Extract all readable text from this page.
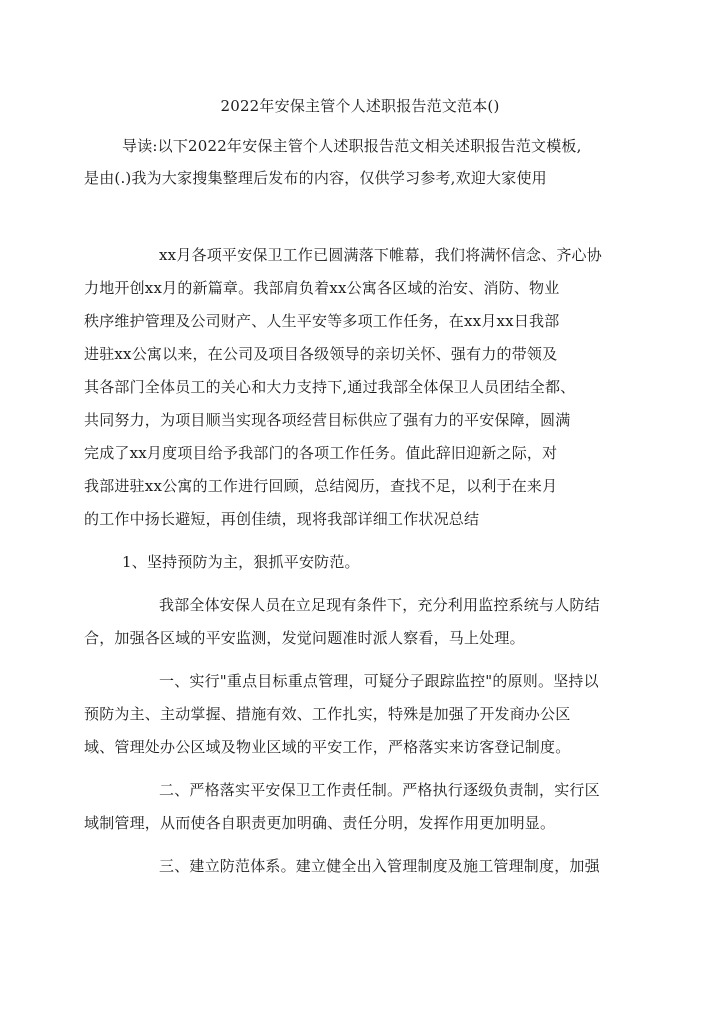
2022年安保主管个人述职报告范文范本()

导读:以下2022年安保主管个人述职报告范文相关述职报告范文模板,

是由(.)我为大家搜集整理后发布的内容，仅供学习参考,欢迎大家使用

xx月各项平安保卫工作已圆满落下帷幕，我们将满怀信念、齐心协

力地开创xx月的新篇章。我部肩负着xx公寓各区域的治安、消防、物业

秩序维护管理及公司财产、人生平安等多项工作任务，在xx月xx日我部

进驻xx公寓以来，在公司及项目各级领导的亲切关怀、强有力的带领及

其各部门全体员工的关心和大力支持下,通过我部全体保卫人员团结全都、

共同努力，为项目顺当实现各项经营目标供应了强有力的平安保障，圆满

完成了xx月度项目给予我部门的各项工作任务。值此辞旧迎新之际，对

我部进驻xx公寓的工作进行回顾，总结阅历，查找不足，以利于在来月

的工作中扬长避短，再创佳绩，现将我部详细工作状况总结

1、坚持预防为主，狠抓平安防范。

我部全体安保人员在立足现有条件下，充分利用监控系统与人防结

合，加强各区域的平安监测，发觉问题准时派人察看，马上处理。

一、实行"重点目标重点管理，可疑分子跟踪监控"的原则。坚持以

预防为主、主动掌握、措施有效、工作扎实，特殊是加强了开发商办公区

域、管理处办公区域及物业区域的平安工作，严格落实来访客登记制度。

二、严格落实平安保卫工作责任制。严格执行逐级负责制，实行区

域制管理，从而使各自职责更加明确、责任分明，发挥作用更加明显。

三、建立防范体系。建立健全出入管理制度及施工管理制度，加强
